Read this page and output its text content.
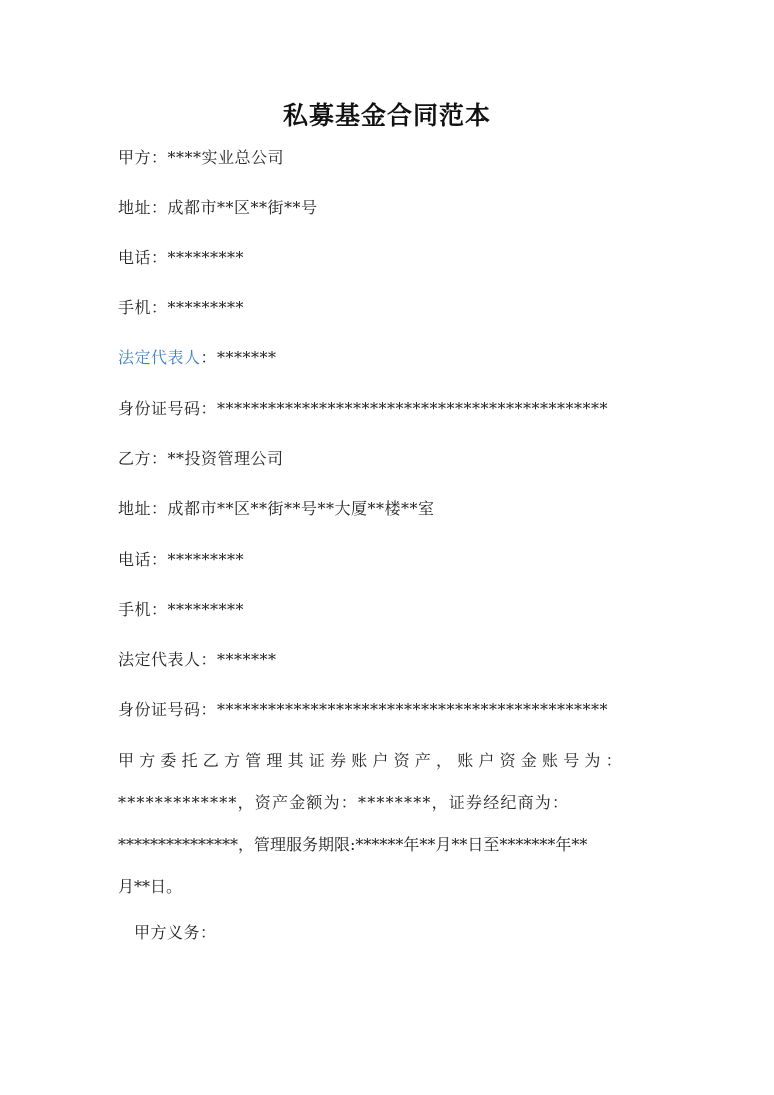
私募基金合同范本
甲方：****实业总公司
地址：成都市**区**街**号
电话：*********
手机：*********
法定代表人：*******
身份证号码：**********************************************
乙方：**投资管理公司
地址：成都市**区**街**号**大厦**楼**室
电话：*********
手机：*********
法定代表人：*******
身份证号码：**********************************************
甲方委托乙方管理其证券账户资产，账户资金账号为：
*************，资产金额为：********，证券经纪商为：
***************，管理服务期限:******年**月**日至*******年**
月**日。
甲方义务：
